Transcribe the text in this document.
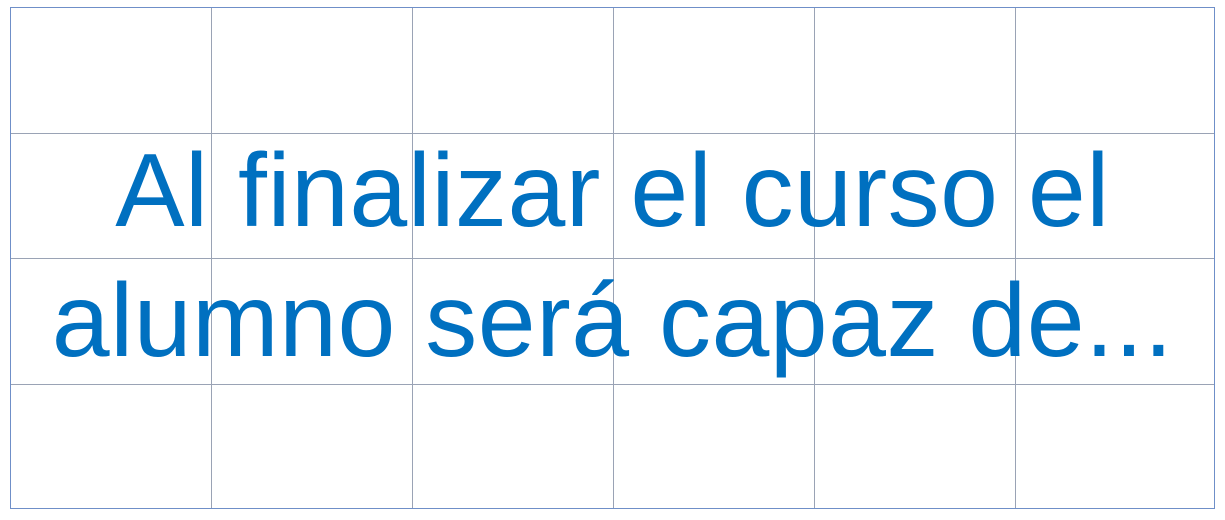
Al finalizar el curso el
alumno será capaz de...
